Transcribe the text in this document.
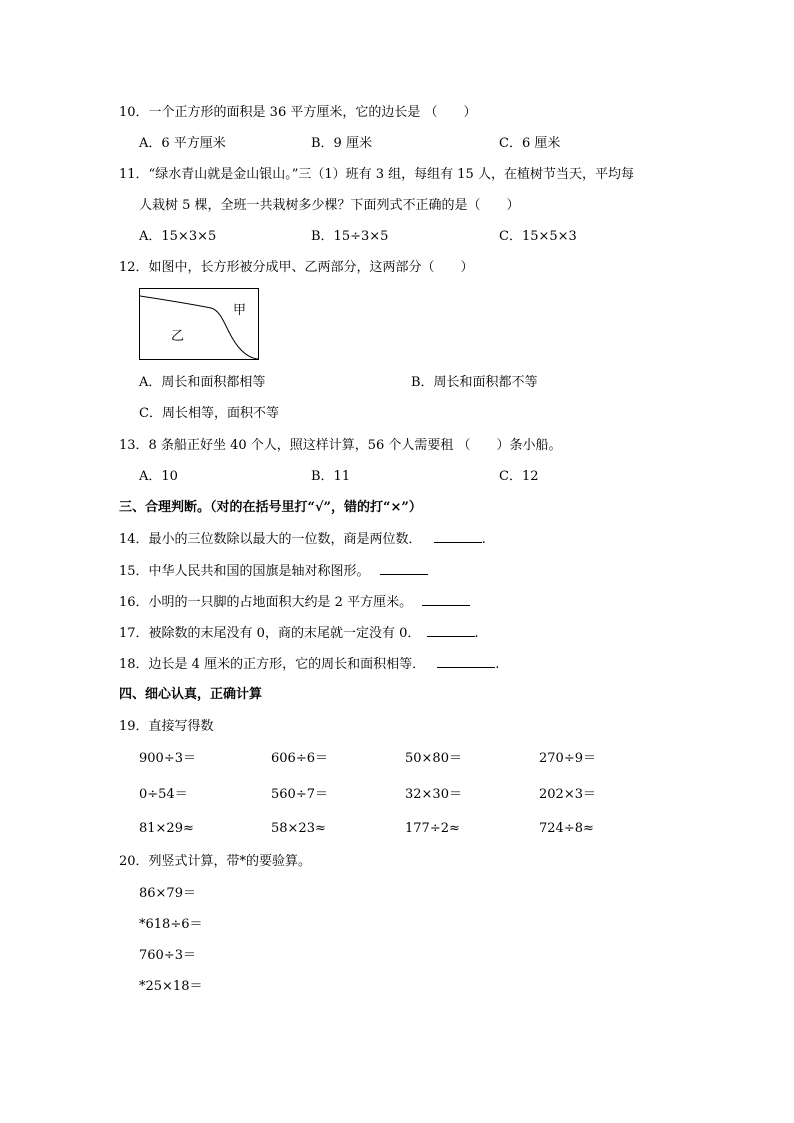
10．一个正方形的面积是 36 平方厘米，它的边长是 （　　）
A．6 平方厘米	B．9 厘米	C．6 厘米
11．“绿水青山就是金山银山。”三（1）班有 3 组，每组有 15 人，在植树节当天，平均每
人栽树 5 棵，全班一共栽树多少棵？下面列式不正确的是（　　）
A．15×3×5	B．15÷3×5	C．15×5×3
12．如图中，长方形被分成甲、乙两部分，这两部分（　　）
甲
乙
A．周长和面积都相等	B．周长和面积都不等
C．周长相等，面积不等
13．8 条船正好坐 40 个人，照这样计算，56 个人需要租 （　　）条小船。
A．10	B．11	C．12
三、合理判断。（对的在括号里打“√”，错的打“×”）
14．最小的三位数除以最大的一位数，商是两位数．	.
15．中华人民共和国的国旗是轴对称图形。
16．小明的一只脚的占地面积大约是 2 平方厘米。
17．被除数的末尾没有 0，商的末尾就一定没有 0．	.
18．边长是 4 厘米的正方形，它的周长和面积相等．	.
四、细心认真，正确计算
19．直接写得数
900÷3＝	606÷6＝	50×80＝	270÷9＝
0÷54＝	560÷7＝	32×30＝	202×3＝
81×29≈	58×23≈	177÷2≈	724÷8≈
20．列竖式计算，带*的要验算。
86×79＝
*618÷6＝
760÷3＝
*25×18＝
